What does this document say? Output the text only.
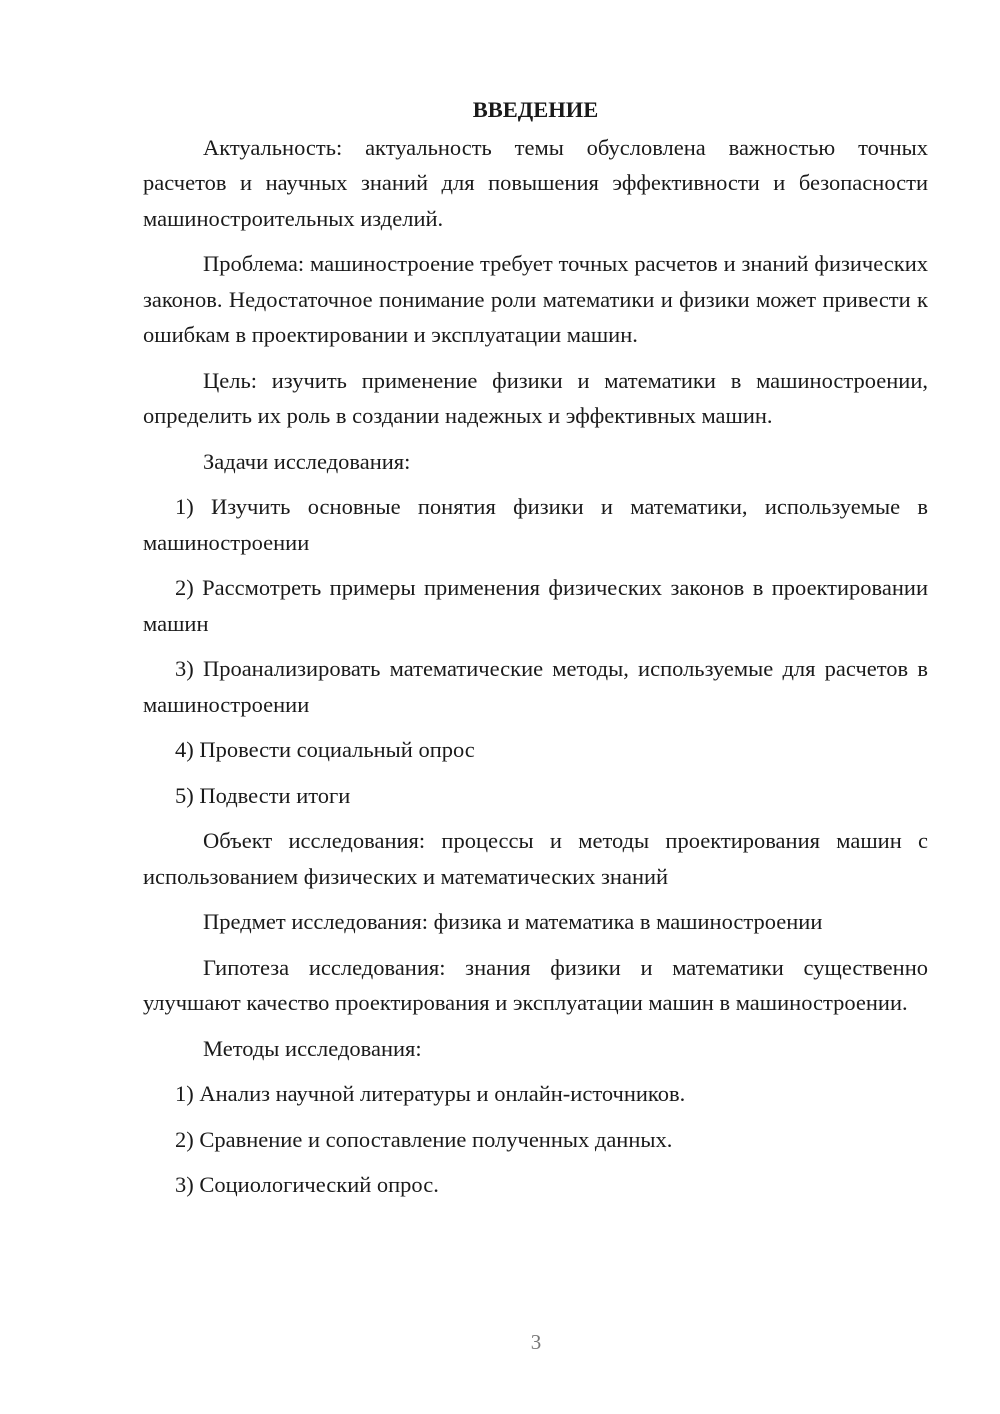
ВВЕДЕНИЕ
Актуальность: актуальность темы обусловлена важностью точных расчетов и научных знаний для повышения эффективности и безопасности машиностроительных изделий.
Проблема: машиностроение требует точных расчетов и знаний физических законов. Недостаточное понимание роли математики и физики может привести к ошибкам в проектировании и эксплуатации машин.
Цель: изучить применение физики и математики в машиностроении, определить их роль в создании надежных и эффективных машин.
Задачи исследования:
1) Изучить основные понятия физики и математики, используемые в машиностроении
2) Рассмотреть примеры применения физических законов в проектировании машин
3) Проанализировать математические методы, используемые для расчетов в машиностроении
4) Провести социальный опрос
5) Подвести итоги
Объект исследования: процессы и методы проектирования машин с использованием физических и математических знаний
Предмет исследования: физика и математика в машиностроении
Гипотеза исследования: знания физики и математики существенно улучшают качество проектирования и эксплуатации машин в машиностроении.
Методы исследования:
1) Анализ научной литературы и онлайн-источников.
2) Сравнение и сопоставление полученных данных.
3) Социологический опрос.
3
